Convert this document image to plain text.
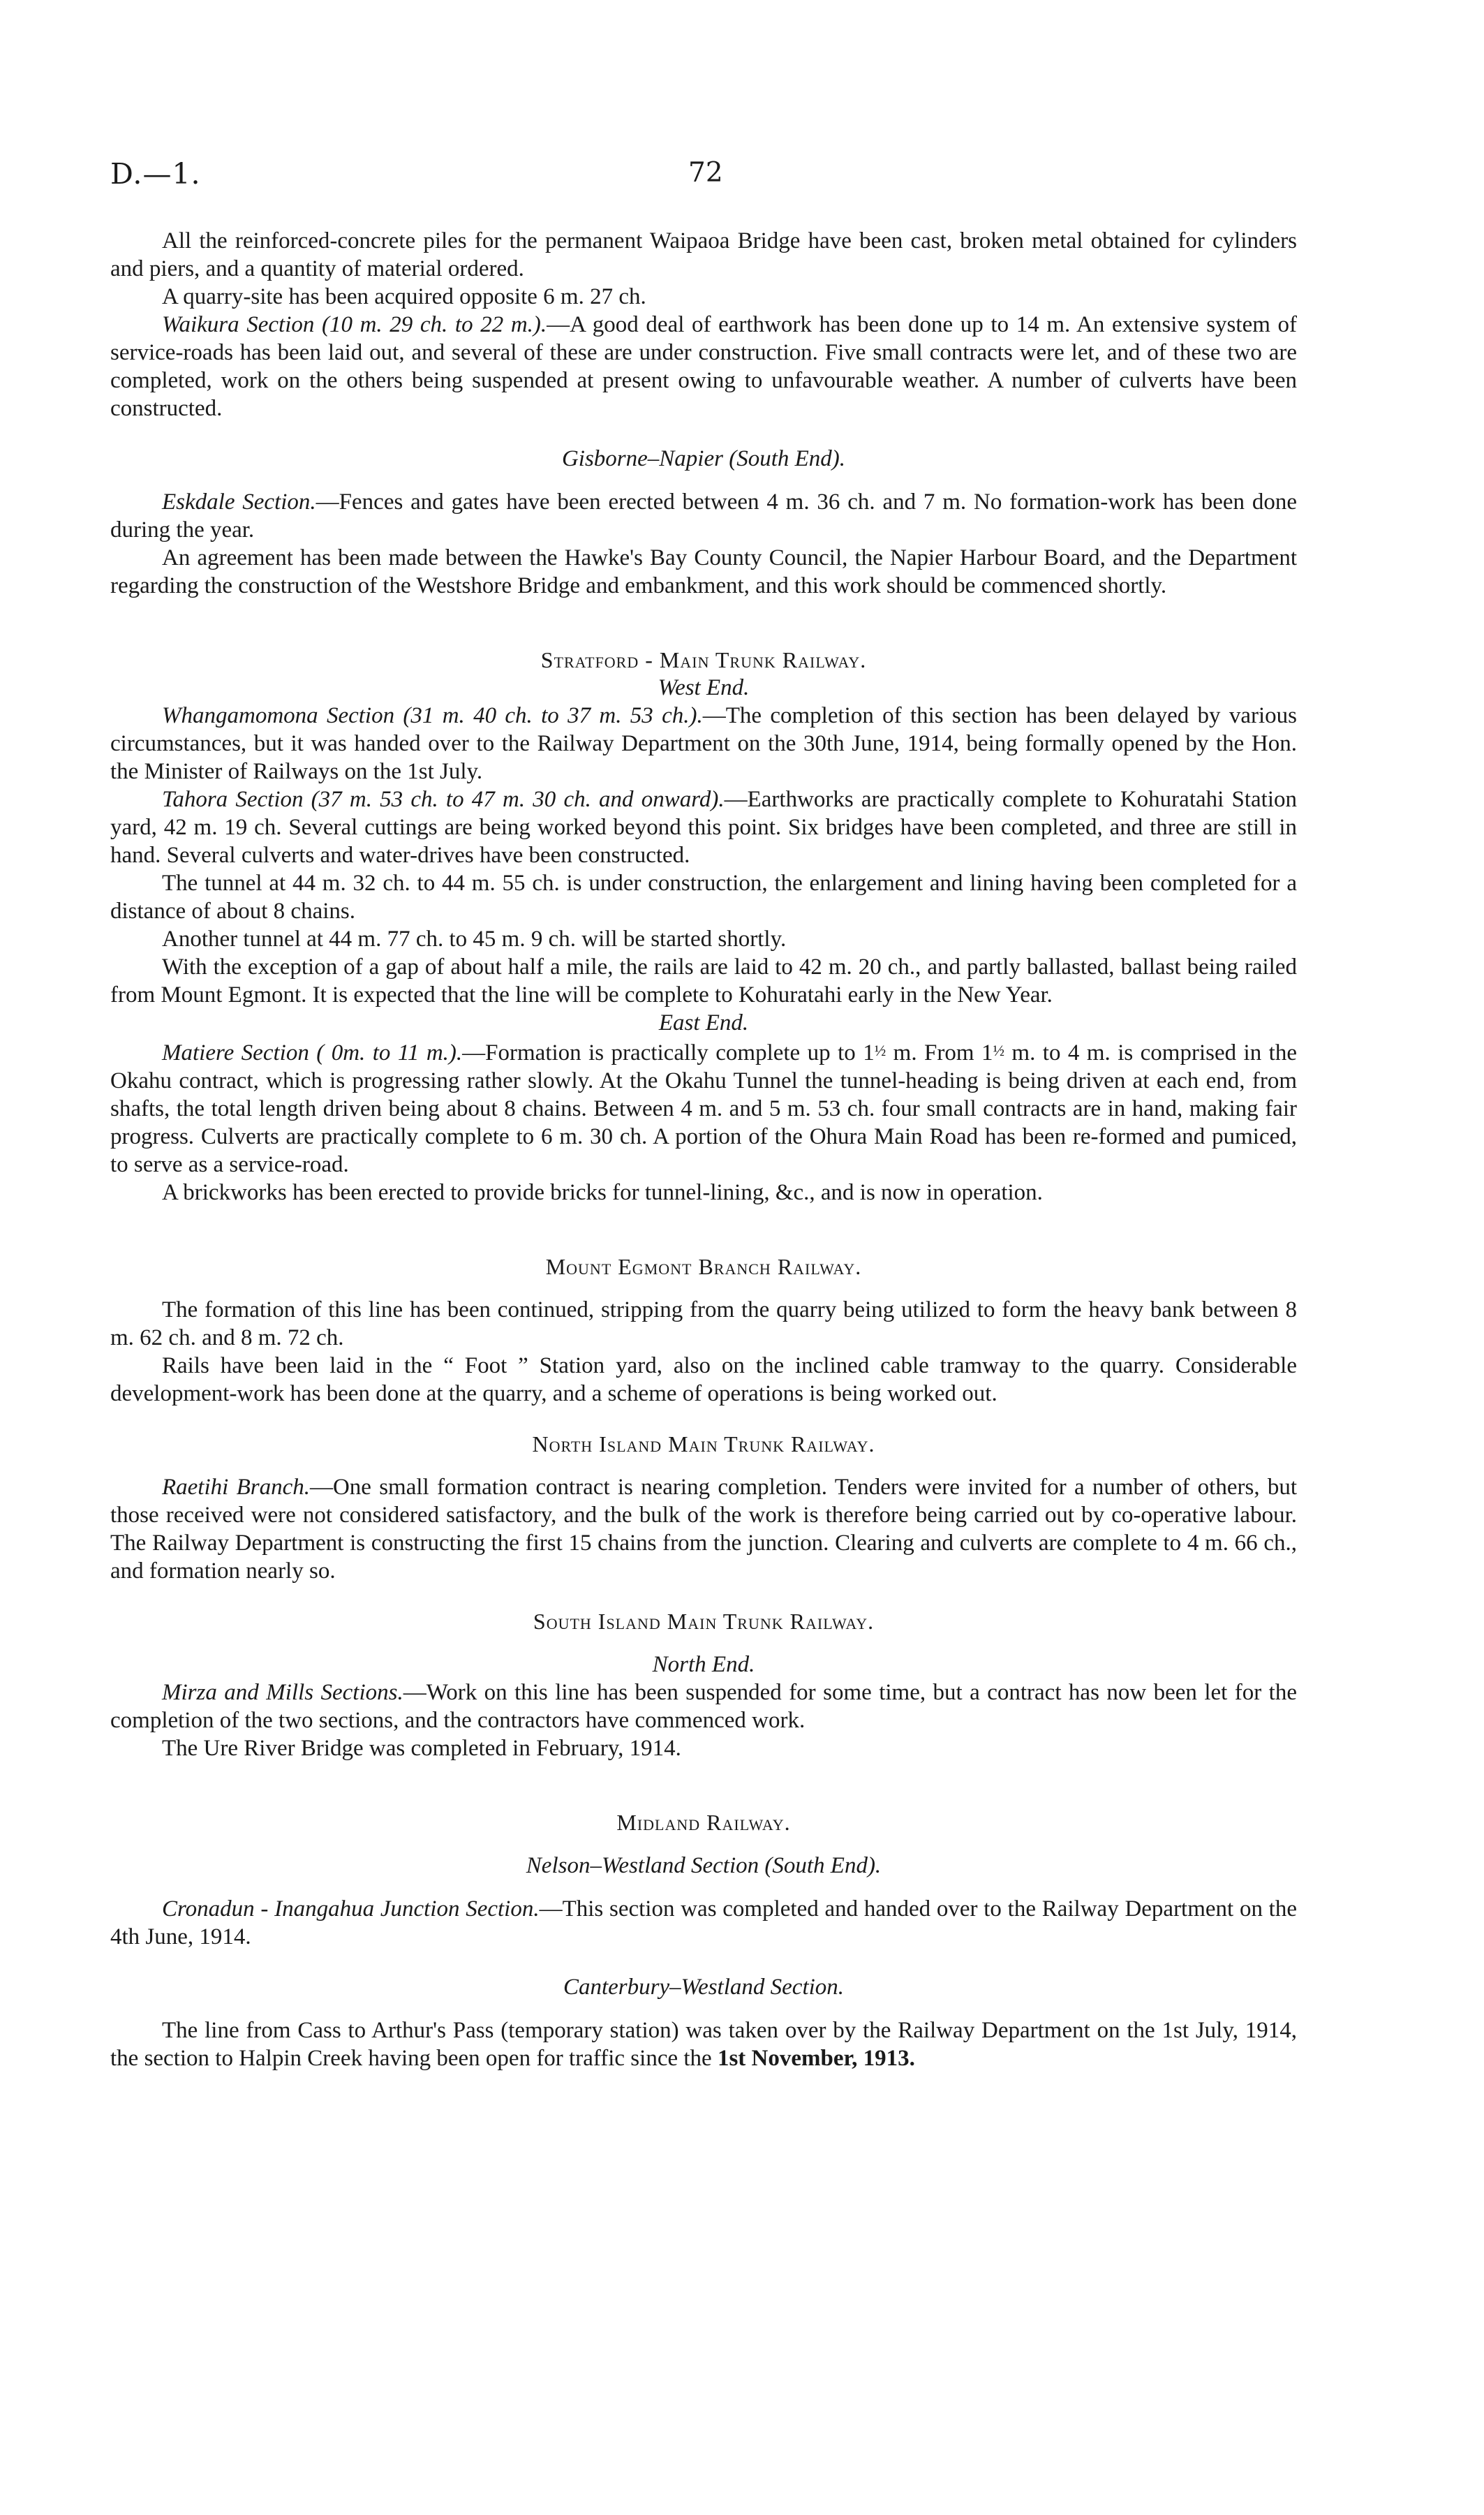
D.—1.	72

All the reinforced-concrete piles for the permanent Waipaoa Bridge have been cast, broken metal obtained for cylinders and piers, and a quantity of material ordered.

A quarry-site has been acquired opposite 6 m. 27 ch.

Waikura Section (10 m. 29 ch. to 22 m.).—A good deal of earthwork has been done up to 14 m. An extensive system of service-roads has been laid out, and several of these are under construction. Five small contracts were let, and of these two are completed, work on the others being suspended at present owing to unfavourable weather. A number of culverts have been constructed.

Gisborne–Napier (South End).

Eskdale Section.—Fences and gates have been erected between 4 m. 36 ch. and 7 m. No formation-work has been done during the year.

An agreement has been made between the Hawke's Bay County Council, the Napier Harbour Board, and the Department regarding the construction of the Westshore Bridge and embankment, and this work should be commenced shortly.

Stratford - Main Trunk Railway.
West End.

Whangamomona Section (31 m. 40 ch. to 37 m. 53 ch.).—The completion of this section has been delayed by various circumstances, but it was handed over to the Railway Department on the 30th June, 1914, being formally opened by the Hon. the Minister of Railways on the 1st July.

Tahora Section (37 m. 53 ch. to 47 m. 30 ch. and onward).—Earthworks are practically complete to Kohuratahi Station yard, 42 m. 19 ch. Several cuttings are being worked beyond this point. Six bridges have been completed, and three are still in hand. Several culverts and water-drives have been constructed.

The tunnel at 44 m. 32 ch. to 44 m. 55 ch. is under construction, the enlargement and lining having been completed for a distance of about 8 chains.

Another tunnel at 44 m. 77 ch. to 45 m. 9 ch. will be started shortly.

With the exception of a gap of about half a mile, the rails are laid to 42 m. 20 ch., and partly ballasted, ballast being railed from Mount Egmont. It is expected that the line will be complete to Kohuratahi early in the New Year.

East End.

Matiere Section ( 0m. to 11 m.).—Formation is practically complete up to 1½ m. From 1½ m. to 4 m. is comprised in the Okahu contract, which is progressing rather slowly. At the Okahu Tunnel the tunnel-heading is being driven at each end, from shafts, the total length driven being about 8 chains. Between 4 m. and 5 m. 53 ch. four small contracts are in hand, making fair progress. Culverts are practically complete to 6 m. 30 ch. A portion of the Ohura Main Road has been re-formed and pumiced, to serve as a service-road.

A brickworks has been erected to provide bricks for tunnel-lining, &c., and is now in operation.

Mount Egmont Branch Railway.

The formation of this line has been continued, stripping from the quarry being utilized to form the heavy bank between 8 m. 62 ch. and 8 m. 72 ch.

Rails have been laid in the “ Foot ” Station yard, also on the inclined cable tramway to the quarry. Considerable development-work has been done at the quarry, and a scheme of operations is being worked out.

North Island Main Trunk Railway.

Raetihi Branch.—One small formation contract is nearing completion. Tenders were invited for a number of others, but those received were not considered satisfactory, and the bulk of the work is therefore being carried out by co-operative labour. The Railway Department is constructing the first 15 chains from the junction. Clearing and culverts are complete to 4 m. 66 ch., and formation nearly so.

South Island Main Trunk Railway.
North End.

Mirza and Mills Sections.—Work on this line has been suspended for some time, but a contract has now been let for the completion of the two sections, and the contractors have commenced work.

The Ure River Bridge was completed in February, 1914.

Midland Railway.
Nelson–Westland Section (South End).

Cronadun - Inangahua Junction Section.—This section was completed and handed over to the Railway Department on the 4th June, 1914.

Canterbury–Westland Section.

The line from Cass to Arthur's Pass (temporary station) was taken over by the Railway Department on the 1st July, 1914, the section to Halpin Creek having been open for traffic since the 1st November, 1913.
